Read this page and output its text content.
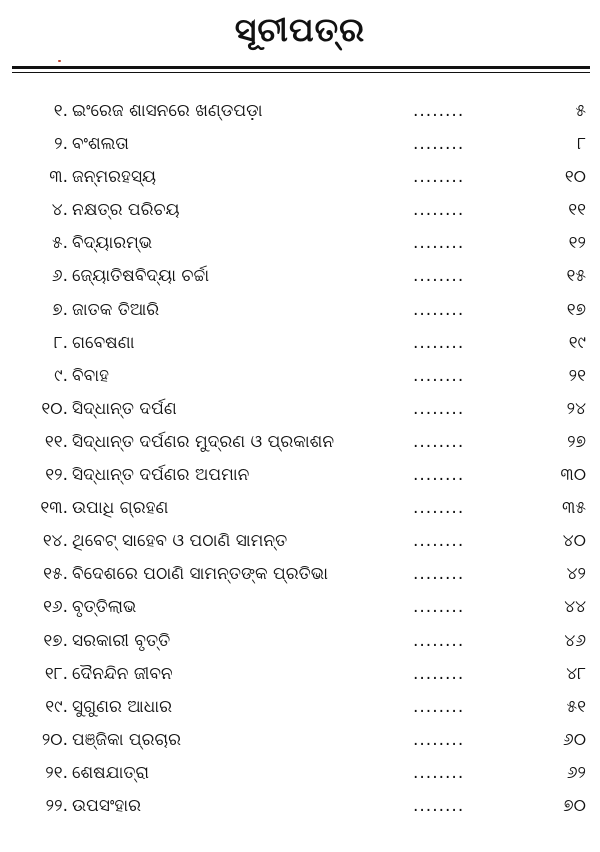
ସୂଚୀପତ୍ର
୧. ଇଂରେଜ ଶାସନରେ ଖଣ୍ଡପଡ଼ା	........	୫
୨. ବଂଶଲତା	........	୮
୩. ଜନ୍ମରହସ୍ୟ	........	୧୦
୪. ନକ୍ଷତ୍ର ପରିଚୟ	........	୧୧
୫. ବିଦ୍ୟାରମ୍ଭ	........	୧୨
୬. ଜ୍ୟୋତିଷବିଦ୍ୟା ଚର୍ଚ୍ଚା	........	୧୫
୭. ଜାତକ ତିଆରି	........	୧୭
୮. ଗବେଷଣା	........	୧୯
୯. ବିବାହ	........	୨୧
୧୦. ସିଦ୍ଧାନ୍ତ ଦର୍ପଣ	........	୨୪
୧୧. ସିଦ୍ଧାନ୍ତ ଦର୍ପଣର ମୁଦ୍ରଣ ଓ ପ୍ରକାଶନ	........	୨୭
୧୨. ସିଦ୍ଧାନ୍ତ ଦର୍ପଣର ଅପମାନ	........	୩୦
୧୩. ଉପାଧି ଗ୍ରହଣ	........	୩୫
୧୪. ଥିବେଟ୍ ସାହେବ ଓ ପଠାଣି ସାମନ୍ତ	........	୪୦
୧୫. ବିଦେଶରେ ପଠାଣି ସାମନ୍ତଙ୍କ ପ୍ରତିଭା	........	୪୨
୧୬. ବୃତ୍ତିଲାଭ	........	୪୪
୧୭. ସରକାରୀ ବୃତ୍ତି	........	୪୬
୧୮. ଦୈନନ୍ଦିନ ଜୀବନ	........	୪୮
୧୯. ସୁଗୁଣର ଆଧାର	........	୫୧
୨୦. ପଞ୍ଜିକା ପ୍ରଚାର	........	୬୦
୨୧. ଶେଷଯାତ୍ରା	........	୬୨
୨୨. ଉପସଂହାର	........	୭୦
